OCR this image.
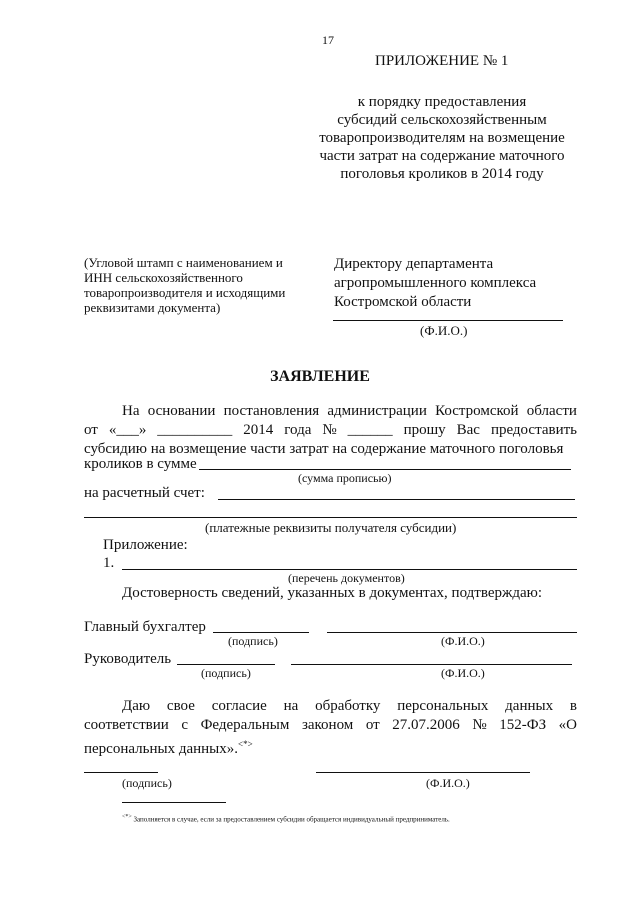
17
ПРИЛОЖЕНИЕ № 1
к порядку предоставления
субсидий сельскохозяйственным
товаропроизводителям на возмещение
части затрат на содержание маточного
поголовья кроликов в 2014 году
(Угловой штамп с наименованием и
ИНН сельскохозяйственного
товаропроизводителя и исходящими
реквизитами документа)
Директору департамента
агропромышленного комплекса
Костромской области
(Ф.И.О.)
ЗАЯВЛЕНИЕ
На основании постановления администрации Костромской области
от «___» __________ 2014 года № ______ прошу Вас предоставить
субсидию на возмещение части затрат на содержание маточного поголовья
кроликов в сумме
(сумма прописью)
на расчетный счет:
(платежные реквизиты получателя субсидии)
Приложение:
1.
(перечень документов)
Достоверность сведений, указанных в документах, подтверждаю:
Главный бухгалтер
(подпись)	(Ф.И.О.)
Руководитель
(подпись)	(Ф.И.О.)
Даю свое согласие на обработку персональных данных в
соответствии с Федеральным законом от 27.07.2006 № 152-ФЗ «О
персональных данных».<*>
(подпись)	(Ф.И.О.)
<*> Заполняется в случае, если за предоставлением субсидии обращается индивидуальный предприниматель.
